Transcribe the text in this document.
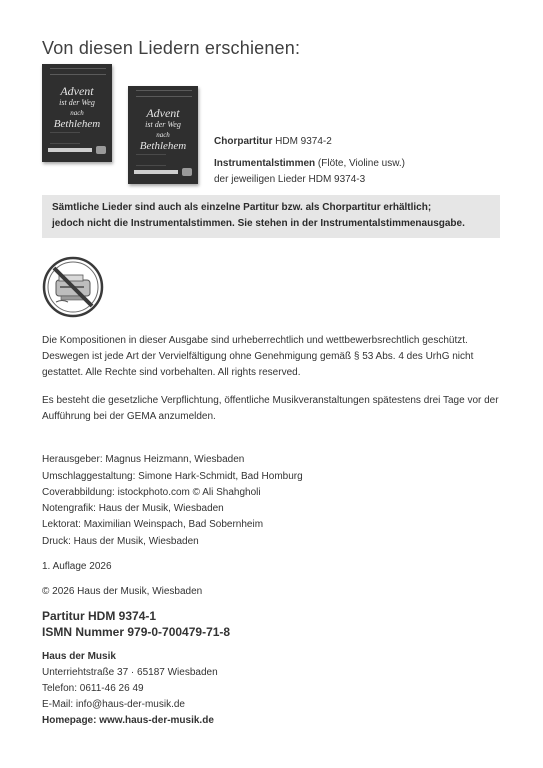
Von diesen Liedern erschienen:
Advent
ist der Weg
nach
Bethlehem
Advent
ist der Weg
nach
Bethlehem	Chorpartitur HDM 9374-2
Instrumentalstimmen (Flöte, Violine usw.)
der jeweiligen Lieder HDM 9374-3

Sämtliche Lieder sind auch als einzelne Partitur bzw. als Chorpartitur erhältlich;

jedoch nicht die Instrumentalstimmen. Sie stehen in der Instrumentalstimmenausgabe.

Die Kompositionen in dieser Ausgabe sind urheberrechtlich und wettbewerbsrechtlich geschützt. Deswegen ist jede Art der Vervielfältigung ohne Genehmigung gemäß § 53 Abs. 4 des UrhG nicht gestattet. Alle Rechte sind vorbehalten. All rights reserved.

Es besteht die gesetzliche Verpflichtung, öffentliche Musikveranstaltungen spätestens drei Tage vor der Aufführung bei der GEMA anzumelden.

Herausgeber: Magnus Heizmann, Wiesbaden
Umschlaggestaltung: Simone Hark-Schmidt, Bad Homburg
Coverabbildung: istockphoto.com © Ali Shahgholi
Notengrafik: Haus der Musik, Wiesbaden
Lektorat: Maximilian Weinspach, Bad Sobernheim
Druck: Haus der Musik, Wiesbaden
1. Auflage 2026
© 2026 Haus der Musik, Wiesbaden
Partitur HDM 9374-1
ISMN Nummer 979-0-700479-71-8
Haus der Musik
Unterriehtstraße 37 · 65187 Wiesbaden
Telefon: 0611-46 26 49
E-Mail: info@haus-der-musik.de
Homepage: www.haus-der-musik.de
